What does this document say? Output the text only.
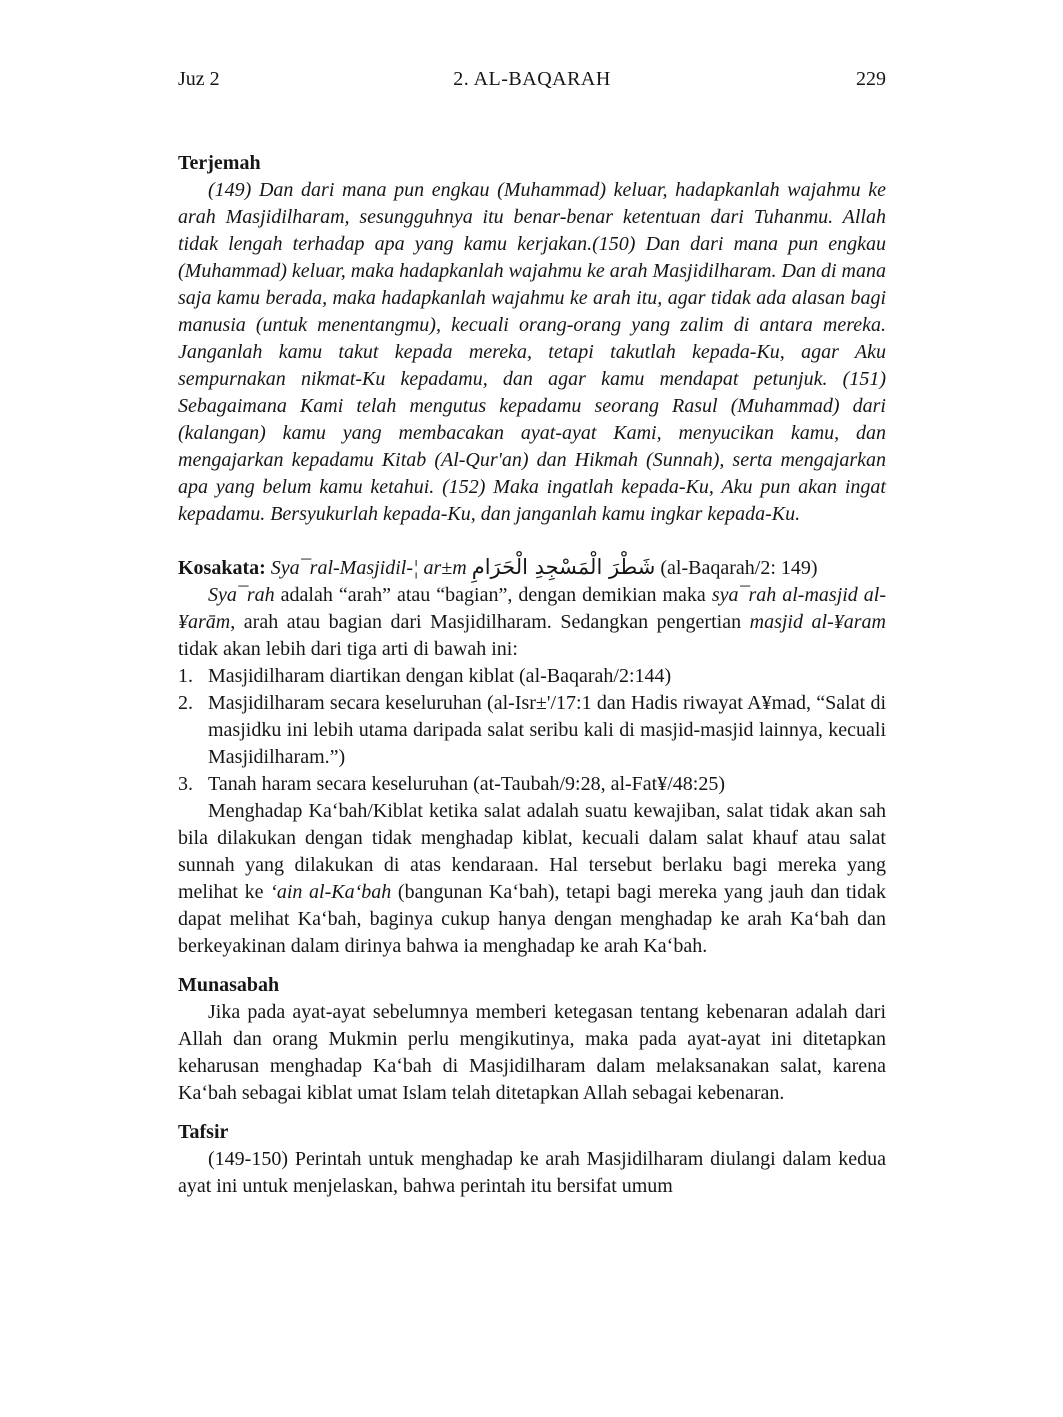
Juz 2	2. AL-BAQARAH	229
Terjemah

(149) Dan dari mana pun engkau (Muhammad) keluar, hadapkanlah wajahmu ke arah Masjidilharam, sesungguhnya itu benar-benar ketentuan dari Tuhanmu. Allah tidak lengah terhadap apa yang kamu kerjakan.(150) Dan dari mana pun engkau (Muhammad) keluar, maka hadapkanlah wajahmu ke arah Masjidilharam. Dan di mana saja kamu berada, maka hadapkanlah wajahmu ke arah itu, agar tidak ada alasan bagi manusia (untuk menentangmu), kecuali orang-orang yang zalim di antara mereka. Janganlah kamu takut kepada mereka, tetapi takutlah kepada-Ku, agar Aku sempurnakan nikmat-Ku kepadamu, dan agar kamu mendapat petunjuk. (151) Sebagaimana Kami telah mengutus kepadamu seorang Rasul (Muhammad) dari (kalangan) kamu yang membacakan ayat-ayat Kami, menyucikan kamu, dan mengajarkan kepadamu Kitab (Al-Qur'an) dan Hikmah (Sunnah), serta mengajarkan apa yang belum kamu ketahui. (152) Maka ingatlah kepada-Ku, Aku pun akan ingat kepadamu. Bersyukurlah kepada-Ku, dan janganlah kamu ingkar kepada-Ku.

Kosakata: Sya¯ral-Masjidil-¦ ar±m شَطْرَ الْمَسْجِدِ الْحَرَامِ (al-Baqarah/2: 149)

Sya¯rah adalah “arah” atau “bagian”, dengan demikian maka sya¯rah al-masjid al-¥arām, arah atau bagian dari Masjidilharam. Sedangkan pengertian masjid al-¥aram tidak akan lebih dari tiga arti di bawah ini:

1. Masjidilharam diartikan dengan kiblat (al-Baqarah/2:144)

2. Masjidilharam secara keseluruhan (al-Isr±'/17:1 dan Hadis riwayat A¥mad, “Salat di masjidku ini lebih utama daripada salat seribu kali di masjid-masjid lainnya, kecuali Masjidilharam.”)

3. Tanah haram secara keseluruhan (at-Taubah/9:28, al-Fat¥/48:25)

Menghadap Ka‘bah/Kiblat ketika salat adalah suatu kewajiban, salat tidak akan sah bila dilakukan dengan tidak menghadap kiblat, kecuali dalam salat khauf atau salat sunnah yang dilakukan di atas kendaraan. Hal tersebut berlaku bagi mereka yang melihat ke ‘ain al-Ka‘bah (bangunan Ka‘bah), tetapi bagi mereka yang jauh dan tidak dapat melihat Ka‘bah, baginya cukup hanya dengan menghadap ke arah Ka‘bah dan berkeyakinan dalam dirinya bahwa ia menghadap ke arah Ka‘bah.

Munasabah

Jika pada ayat-ayat sebelumnya memberi ketegasan tentang kebenaran adalah dari Allah dan orang Mukmin perlu mengikutinya, maka pada ayat-ayat ini ditetapkan keharusan menghadap Ka‘bah di Masjidilharam dalam melaksanakan salat, karena Ka‘bah sebagai kiblat umat Islam telah ditetapkan Allah sebagai kebenaran.

Tafsir

(149-150) Perintah untuk menghadap ke arah Masjidilharam diulangi dalam kedua ayat ini untuk menjelaskan, bahwa perintah itu bersifat umum
